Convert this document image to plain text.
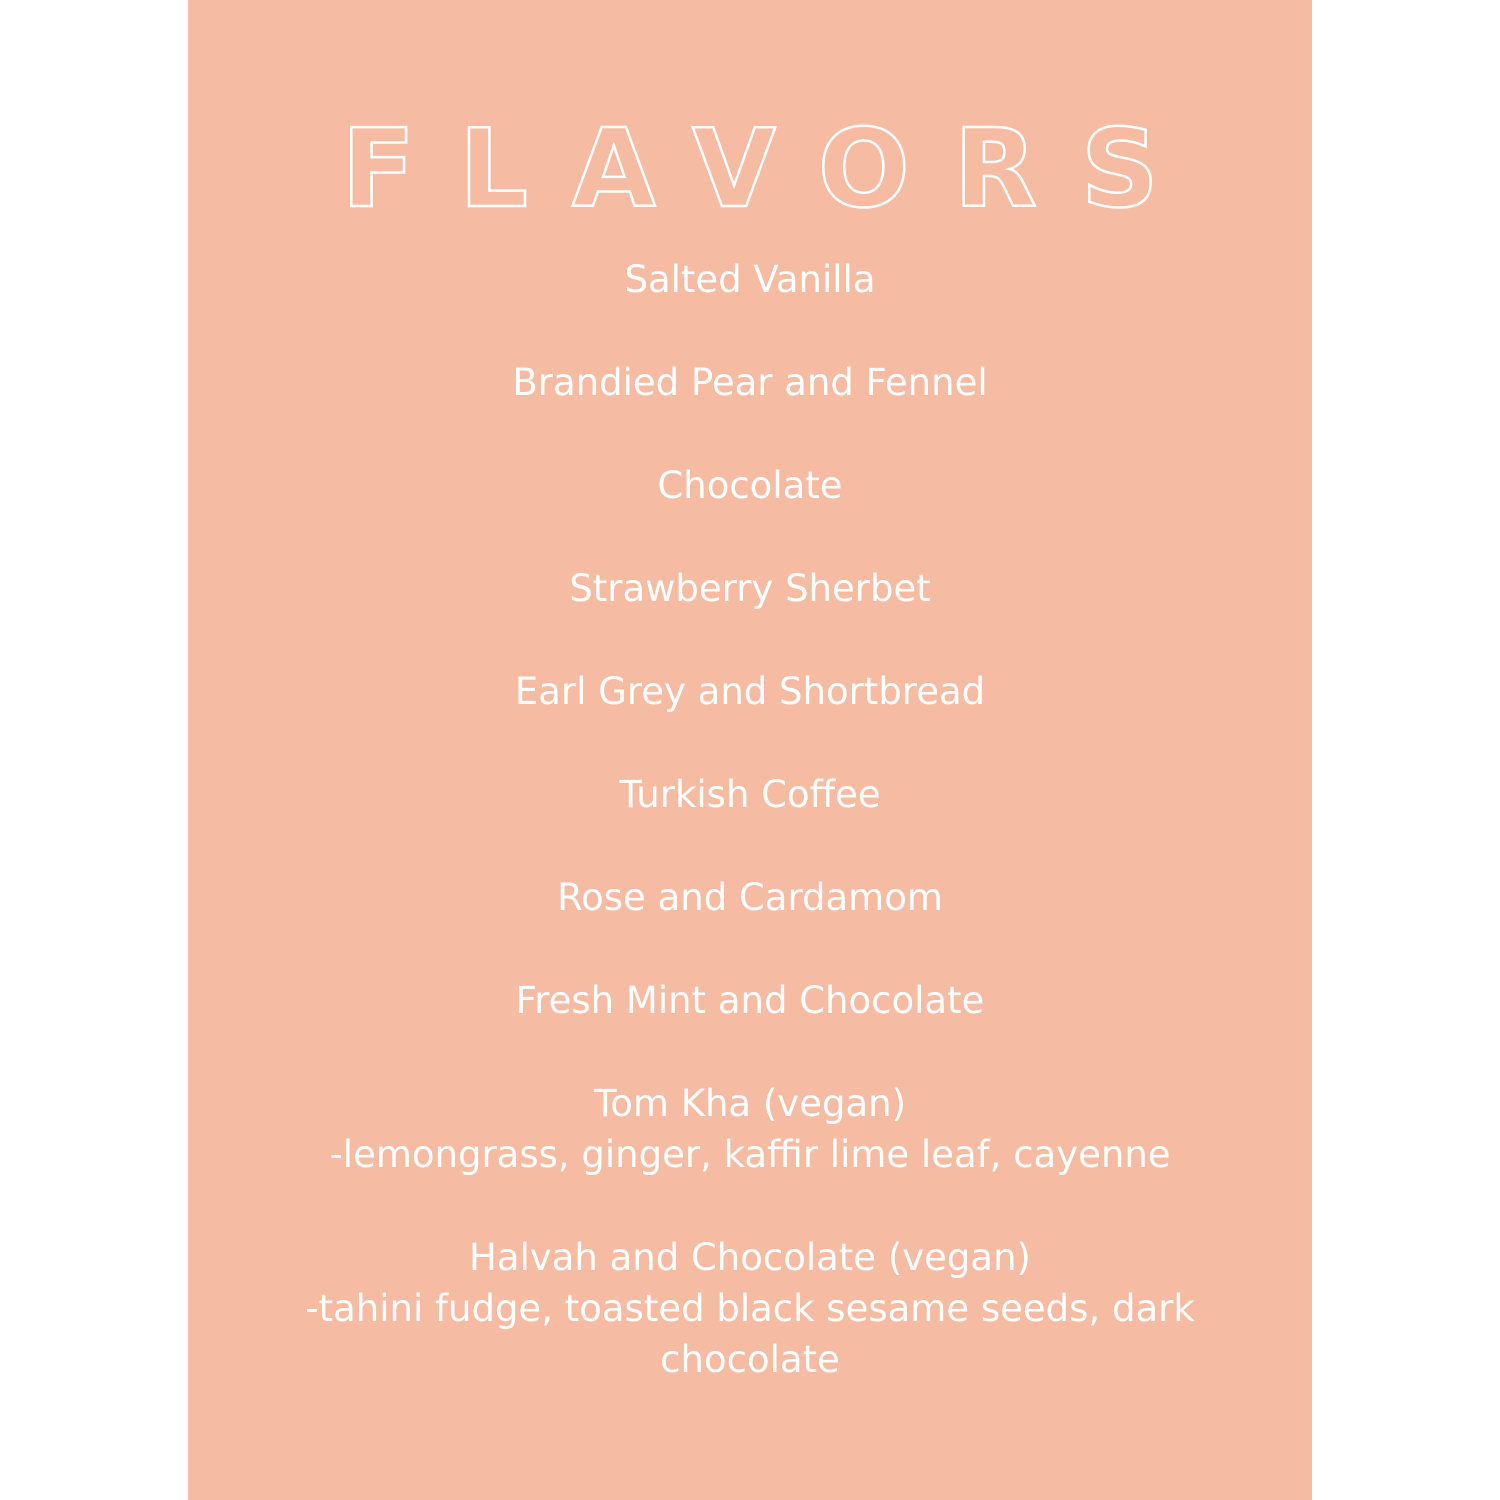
FLAVORS
Salted Vanilla
Brandied Pear and Fennel
Chocolate
Strawberry Sherbet
Earl Grey and Shortbread
Turkish Coffee
Rose and Cardamom
Fresh Mint and Chocolate
Tom Kha (vegan)
-lemongrass, ginger, kaffir lime leaf, cayenne
Halvah and Chocolate (vegan)
-tahini fudge, toasted black sesame seeds, dark chocolate
